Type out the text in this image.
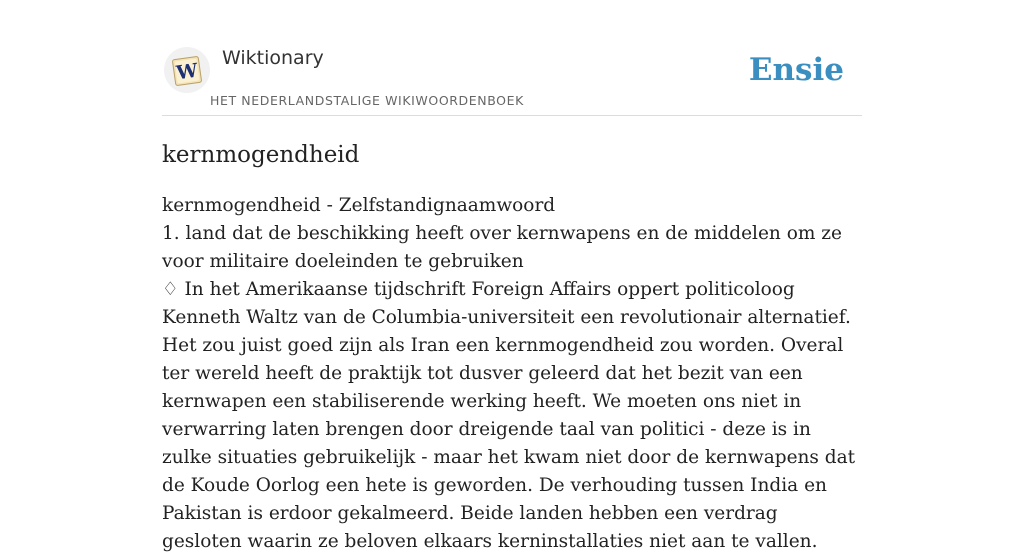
W
Wiktionary
HET NEDERLANDSTALIGE WIKIWOORDENBOEK
Ensie
kernmogendheid

kernmogendheid - Zelfstandignaamwoord

1. land dat de beschikking heeft over kernwapens en de middelen om ze voor militaire doeleinden te gebruiken

♢ In het Amerikaanse tijdschrift Foreign Affairs oppert politicoloog Kenneth Waltz van de Columbia-universiteit een revolutionair alternatief. Het zou juist goed zijn als Iran een kernmogendheid zou worden. Overal ter wereld heeft de praktijk tot dusver geleerd dat het bezit van een kernwapen een stabiliserende werking heeft. We moeten ons niet in verwarring laten brengen door dreigende taal van politici - deze is in zulke situaties gebruikelijk - maar het kwam niet door de kernwapens dat de Koude Oorlog een hete is geworden. De verhouding tussen India en Pakistan is erdoor gekalmeerd. Beide landen hebben een verdrag gesloten waarin ze beloven elkaars kerninstallaties niet aan te vallen.
